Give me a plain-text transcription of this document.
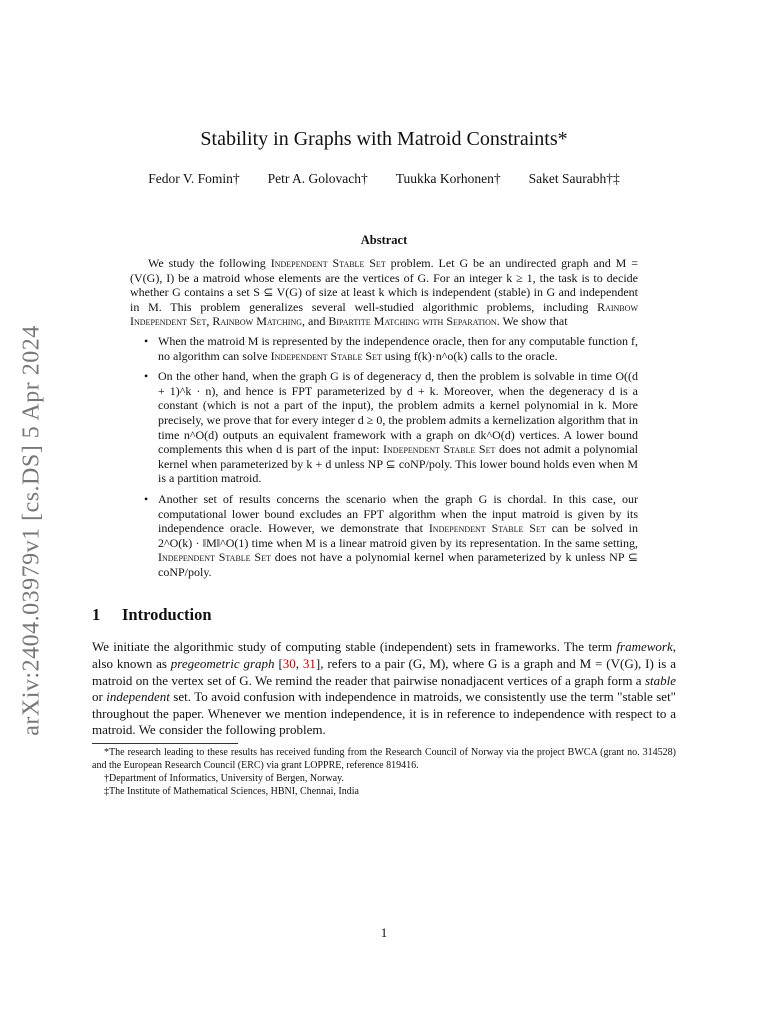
arXiv:2404.03979v1 [cs.DS] 5 Apr 2024
Stability in Graphs with Matroid Constraints*
Fedor V. Fomin† Petr A. Golovach† Tuukka Korhonen† Saket Saurabh†‡
Abstract

We study the following Independent Stable Set problem. Let G be an undirected graph and M = (V(G), I) be a matroid whose elements are the vertices of G. For an integer k ≥ 1, the task is to decide whether G contains a set S ⊆ V(G) of size at least k which is independent (stable) in G and independent in M. This problem generalizes several well-studied algorithmic problems, including Rainbow Independent Set, Rainbow Matching, and Bipartite Matching with Separation. We show that

• When the matroid M is represented by the independence oracle, then for any computable function f, no algorithm can solve Independent Stable Set using f(k)·n^o(k) calls to the oracle.
• On the other hand, when the graph G is of degeneracy d, then the problem is solvable in time O((d + 1)^k · n), and hence is FPT parameterized by d + k. Moreover, when the degeneracy d is a constant (which is not a part of the input), the problem admits a kernel polynomial in k. More precisely, we prove that for every integer d ≥ 0, the problem admits a kernelization algorithm that in time n^O(d) outputs an equivalent framework with a graph on dk^O(d) vertices. A lower bound complements this when d is part of the input: Independent Stable Set does not admit a polynomial kernel when parameterized by k + d unless NP ⊆ coNP/poly. This lower bound holds even when M is a partition matroid.
• Another set of results concerns the scenario when the graph G is chordal. In this case, our computational lower bound excludes an FPT algorithm when the input matroid is given by its independence oracle. However, we demonstrate that Independent Stable Set can be solved in 2^O(k) · ‖M‖^O(1) time when M is a linear matroid given by its representation. In the same setting, Independent Stable Set does not have a polynomial kernel when parameterized by k unless NP ⊆ coNP/poly.
1 Introduction

We initiate the algorithmic study of computing stable (independent) sets in frameworks. The term framework, also known as pregeometric graph [30, 31], refers to a pair (G, M), where G is a graph and M = (V(G), I) is a matroid on the vertex set of G. We remind the reader that pairwise nonadjacent vertices of a graph form a stable or independent set. To avoid confusion with independence in matroids, we consistently use the term "stable set" throughout the paper. Whenever we mention independence, it is in reference to independence with respect to a matroid. We consider the following problem.

*The research leading to these results has received funding from the Research Council of Norway via the project BWCA (grant no. 314528) and the European Research Council (ERC) via grant LOPPRE, reference 819416.

†Department of Informatics, University of Bergen, Norway.

‡The Institute of Mathematical Sciences, HBNI, Chennai, India

1
